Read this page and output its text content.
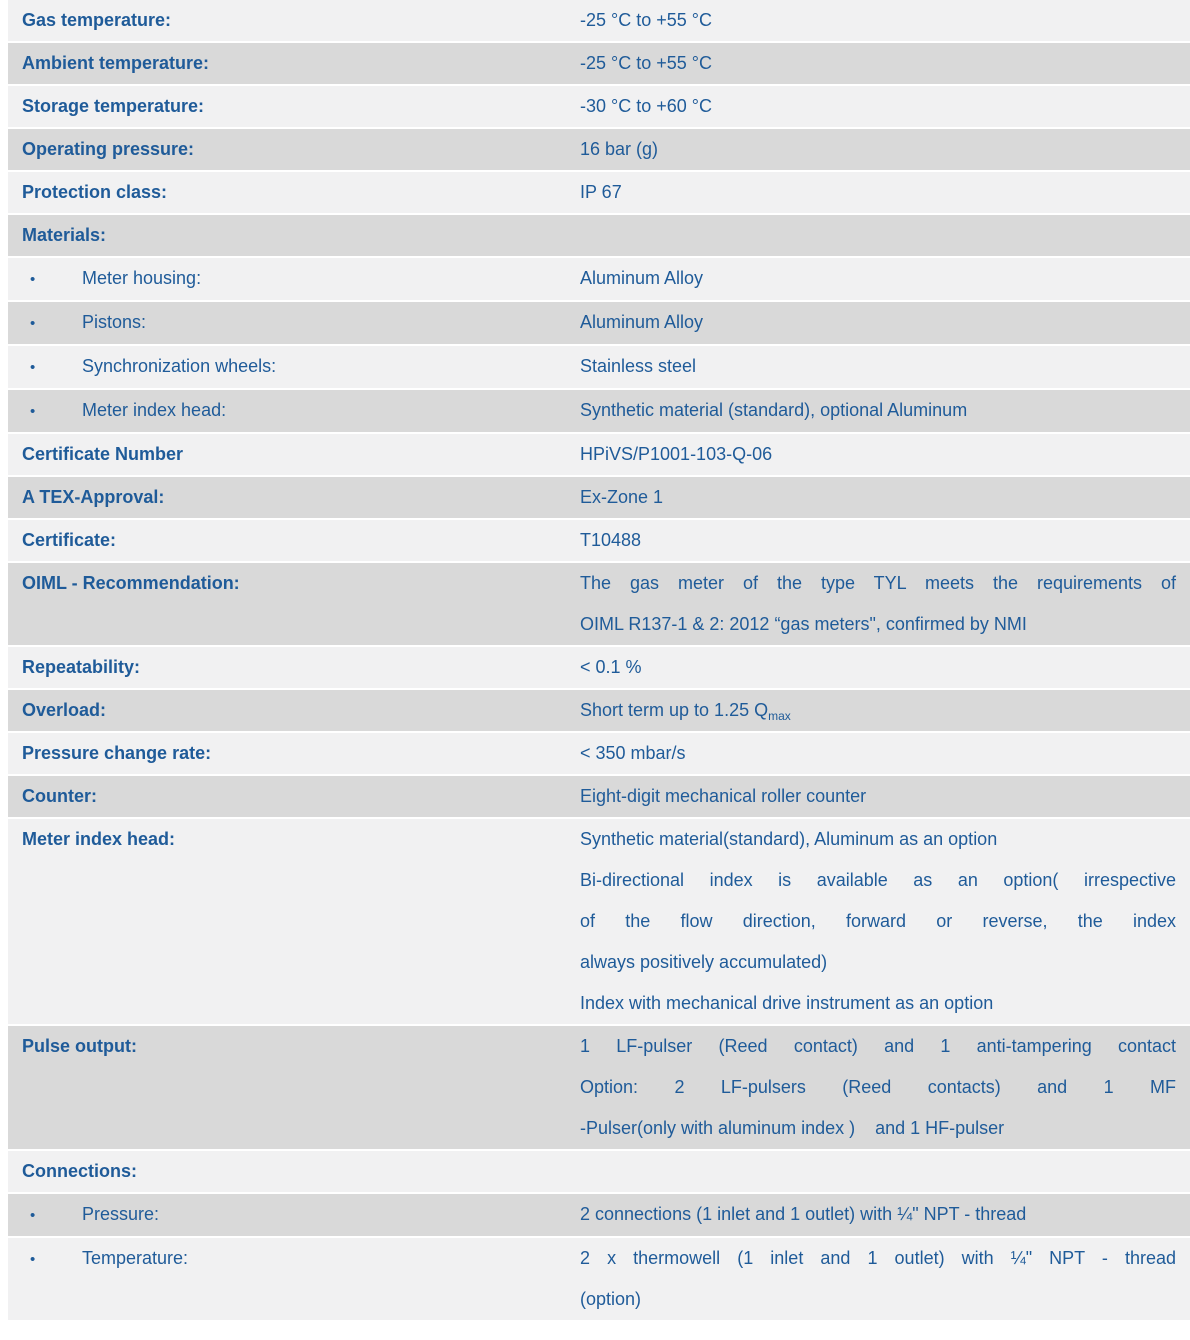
Gas temperature:	-25 °C to +55 °C
Ambient temperature:	-25 °C to +55 °C
Storage temperature:	-30 °C to +60 °C
Operating pressure:	16 bar (g)
Protection class:	IP 67
Materials:
•	Meter housing:	Aluminum Alloy
•	Pistons:	Aluminum Alloy
•	Synchronization wheels:	Stainless steel
•	Meter index head:	Synthetic material (standard), optional Aluminum
Certificate Number	HPiVS/P1001-103-Q-06
A TEX-Approval:	Ex-Zone 1
Certificate:	T10488
OIML - Recommendation:	The gas meter of the type TYL meets the requirements of
OIML R137-1 & 2: 2012 “gas meters", confirmed by NMI
Repeatability:	< 0.1 %
Overload:	Short term up to 1.25 $Q_{max}$
Pressure change rate:	< 350 mbar/s
Counter:	Eight-digit mechanical roller counter
Meter index head:	Synthetic material(standard), Aluminum as an option
Bi-directional index is available as an option( irrespective
of the flow direction, forward or reverse, the index
always positively accumulated)
Index with mechanical drive instrument as an option
Pulse output:	1 LF-pulser (Reed contact) and 1 anti-tampering contact
Option: 2 LF-pulsers (Reed contacts) and 1 MF
-Pulser(only with aluminum index )    and 1 HF-pulser
Connections:
•	Pressure:	2 connections (1 inlet and 1 outlet) with ¼" NPT - thread
•	Temperature:	2 x thermowell (1 inlet and 1 outlet) with ¼" NPT - thread
(option)
